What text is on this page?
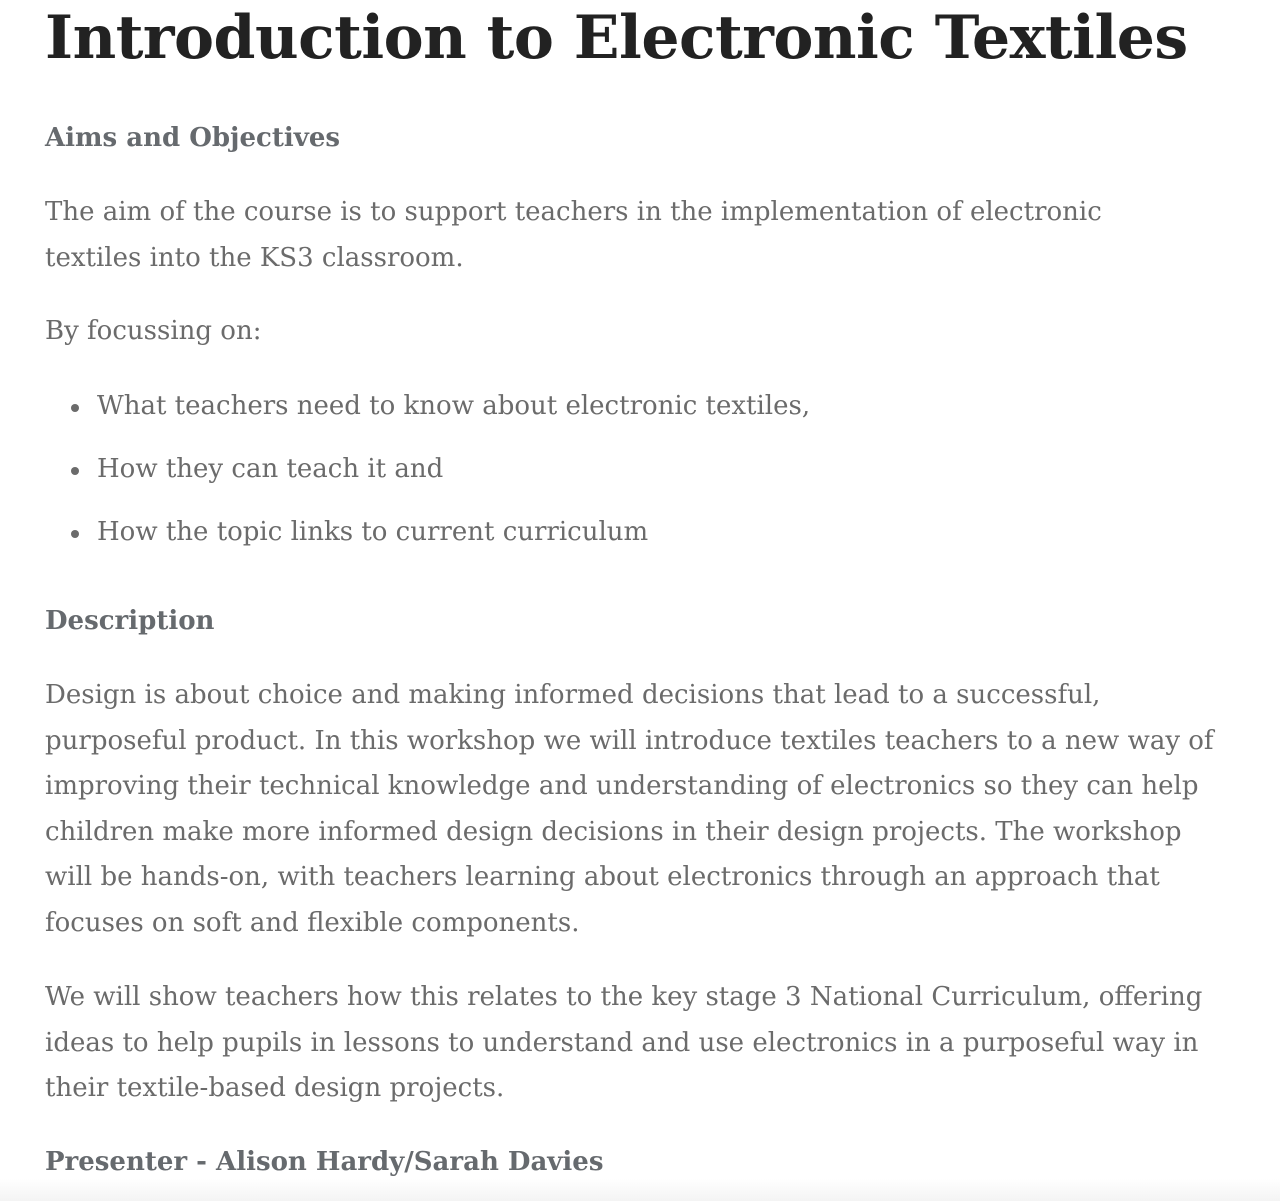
Introduction to Electronic Textiles
Aims and Objectives

The aim of the course is to support teachers in the implementation of electronic
textiles into the KS3 classroom.

By focussing on:

What teachers need to know about electronic textiles,
How they can teach it and
How the topic links to current curriculum
Description

Design is about choice and making informed decisions that lead to a successful,
purposeful product. In this workshop we will introduce textiles teachers to a new way of
improving their technical knowledge and understanding of electronics so they can help
children make more informed design decisions in their design projects. The workshop
will be hands-on, with teachers learning about electronics through an approach that
focuses on soft and flexible components.

We will show teachers how this relates to the key stage 3 National Curriculum, offering
ideas to help pupils in lessons to understand and use electronics in a purposeful way in
their textile-based design projects.

Presenter - Alison Hardy/Sarah Davies
